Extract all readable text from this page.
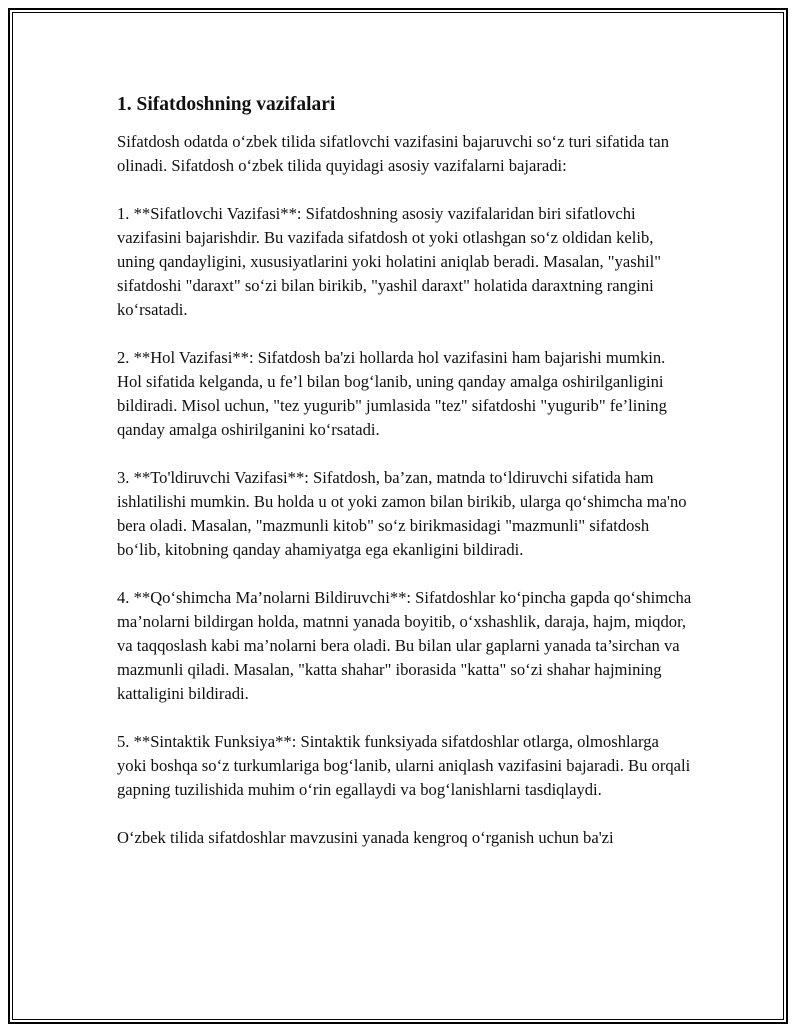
1. Sifatdoshning vazifalari

Sifatdosh odatda o‘zbek tilida sifatlovchi vazifasini bajaruvchi so‘z turi sifatida tan olinadi. Sifatdosh o‘zbek tilida quyidagi asosiy vazifalarni bajaradi:

1. **Sifatlovchi Vazifasi**: Sifatdoshning asosiy vazifalaridan biri sifatlovchi vazifasini bajarishdir. Bu vazifada sifatdosh ot yoki otlashgan so‘z oldidan kelib, uning qandayligini, xususiyatlarini yoki holatini aniqlab beradi. Masalan, "yashil" sifatdoshi "daraxt" so‘zi bilan birikib, "yashil daraxt" holatida daraxtning rangini ko‘rsatadi.

2. **Hol Vazifasi**: Sifatdosh ba'zi hollarda hol vazifasini ham bajarishi mumkin. Hol sifatida kelganda, u fe’l bilan bog‘lanib, uning qanday amalga oshirilganligini bildiradi. Misol uchun, "tez yugurib" jumlasida "tez" sifatdoshi "yugurib" fe’lining qanday amalga oshirilganini ko‘rsatadi.

3. **To'ldiruvchi Vazifasi**: Sifatdosh, ba’zan, matnda to‘ldiruvchi sifatida ham ishlatilishi mumkin. Bu holda u ot yoki zamon bilan birikib, ularga qo‘shimcha ma'no bera oladi. Masalan, "mazmunli kitob" so‘z birikmasidagi "mazmunli" sifatdosh bo‘lib, kitobning qanday ahamiyatga ega ekanligini bildiradi.

4. **Qo‘shimcha Ma’nolarni Bildiruvchi**: Sifatdoshlar ko‘pincha gapda qo‘shimcha ma’nolarni bildirgan holda, matnni yanada boyitib, o‘xshashlik, daraja, hajm, miqdor, va taqqoslash kabi ma’nolarni bera oladi. Bu bilan ular gaplarni yanada ta’sirchan va mazmunli qiladi. Masalan, "katta shahar" iborasida "katta" so‘zi shahar hajmining kattaligini bildiradi.

5. **Sintaktik Funksiya**: Sintaktik funksiyada sifatdoshlar otlarga, olmoshlarga yoki boshqa so‘z turkumlariga bog‘lanib, ularni aniqlash vazifasini bajaradi. Bu orqali gapning tuzilishida muhim o‘rin egallaydi va bog‘lanishlarni tasdiqlaydi.

O‘zbek tilida sifatdoshlar mavzusini yanada kengroq o‘rganish uchun ba'zi
